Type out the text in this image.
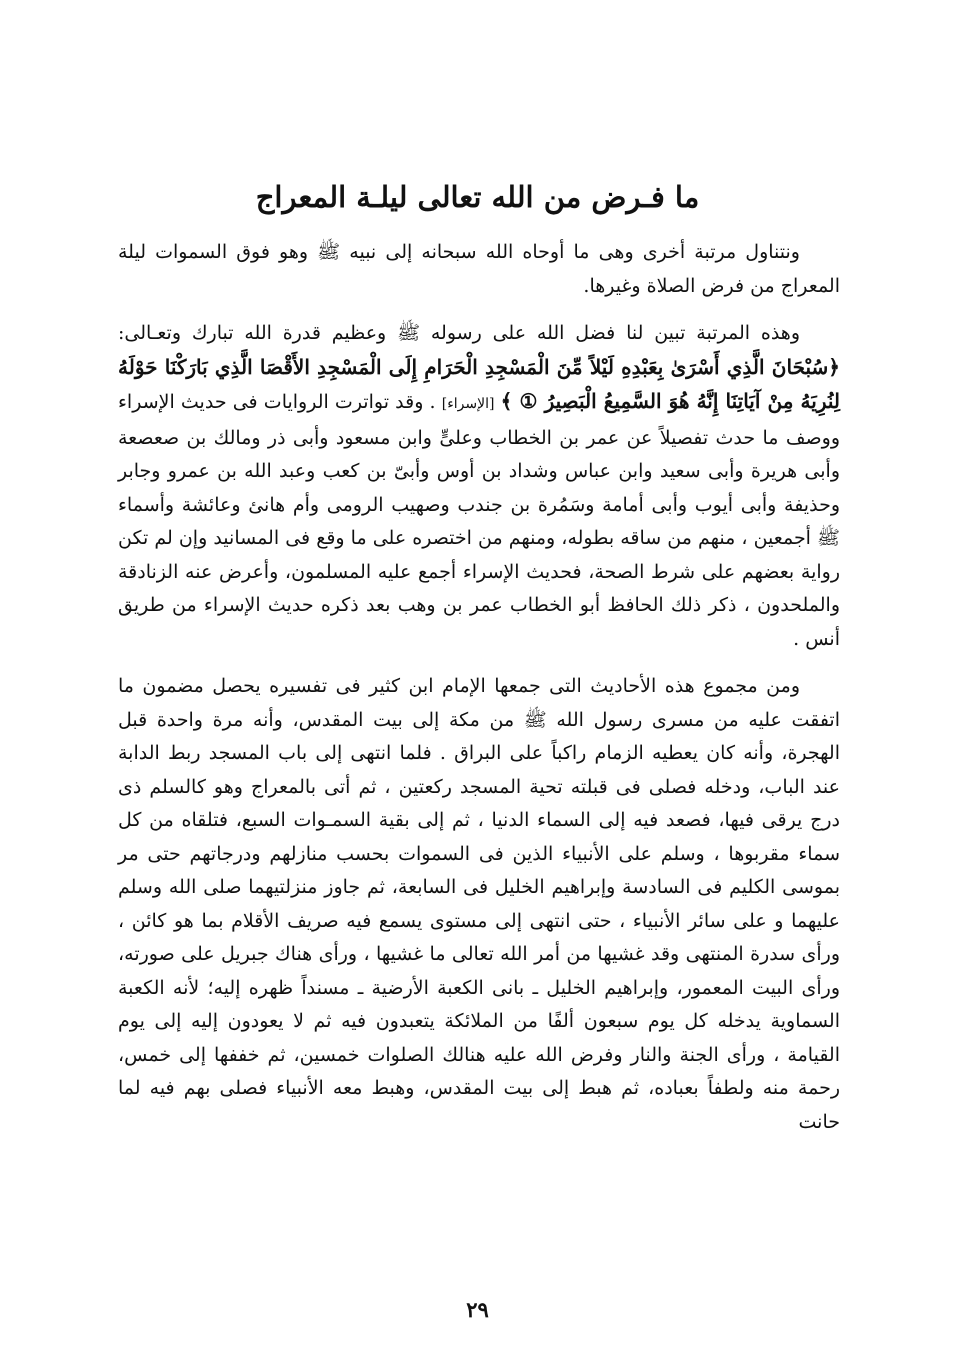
ما فـرض من الله تعالى ليلـة المعراج

ونتناول مرتبة أخرى وهى ما أوحاه الله سبحانه إلى نبيه ﷺ وهو فوق السموات ليلة المعراج من فرض الصلاة وغيرها.

وهذه المرتبة تبين لنا فضل الله على رسوله ﷺ وعظيم قدرة الله تبارك وتعـالى: ﴿سُبْحَانَ الَّذِي أَسْرَىٰ بِعَبْدِهِ لَيْلاً مِّنَ الْمَسْجِدِ الْحَرَامِ إِلَى الْمَسْجِدِ الأَقْصَا الَّذِي بَارَكْنَا حَوْلَهُ لِنُرِيَهُ مِنْ آيَاتِنَا إِنَّهُ هُوَ السَّمِيعُ الْبَصِيرُ ① ﴾ [الإسراء] . وقد تواترت الروايات فى حديث الإسراء ووصف ما حدث تفصيلاً عن عمر بن الخطاب وعلىٍّ وابن مسعود وأبى ذر ومالك بن صعصعة وأبى هريرة وأبى سعيد وابن عباس وشداد بن أوس وأبىّ بن كعب وعبد الله بن عمرو وجابر وحذيفة وأبى أيوب وأبى أمامة وسَمُرة بن جندب وصهيب الرومى وأم هانئ وعائشة وأسماء ﷺ أجمعين ، منهم من ساقه بطوله، ومنهم من اختصره على ما وقع فى المسانيد وإن لم تكن رواية بعضهم على شرط الصحة، فحديث الإسراء أجمع عليه المسلمون، وأعرض عنه الزنادقة والملحدون ، ذكر ذلك الحافظ أبو الخطاب عمر بن وهب بعد ذكره حديث الإسراء من طريق أنس .

ومن مجموع هذه الأحاديث التى جمعها الإمام ابن كثير فى تفسيره يحصل مضمون ما اتفقت عليه من مسرى رسول الله ﷺ من مكة إلى بيت المقدس، وأنه مرة واحدة قبل الهجرة، وأنه كان يعطيه الزمام راكباً على البراق . فلما انتهى إلى باب المسجد ربط الدابة عند الباب، ودخله فصلى فى قبلته تحية المسجد ركعتين ، ثم أتى بالمعراج وهو كالسلم ذى درج يرقى فيها، فصعد فيه إلى السماء الدنيا ، ثم إلى بقية السمـوات السبع، فتلقاه من كل سماء مقربوها ، وسلم على الأنبياء الذين فى السموات بحسب منازلهم ودرجاتهم حتى مر بموسى الكليم فى السادسة وإبراهيم الخليل فى السابعة، ثم جاوز منزلتيهما صلى الله وسلم عليهما و على سائر الأنبياء ، حتى انتهى إلى مستوى يسمع فيه صريف الأقلام بما هو كائن ، ورأى سدرة المنتهى وقد غشيها من أمر الله تعالى ما غشيها ، ورأى هناك جبريل على صورته، ورأى البيت المعمور، وإبراهيم الخليل ـ بانى الكعبة الأرضية ـ مسنداً ظهره إليه؛ لأنه الكعبة السماوية يدخله كل يوم سبعون ألفًا من الملائكة يتعبدون فيه ثم لا يعودون إليه إلى يوم القيامة ، ورأى الجنة والنار وفرض الله عليه هنالك الصلوات خمسين، ثم خففها إلى خمس، رحمة منه ولطفاً بعباده، ثم هبط إلى بيت المقدس، وهبط معه الأنبياء فصلى بهم فيه لما حانت

٢٩
